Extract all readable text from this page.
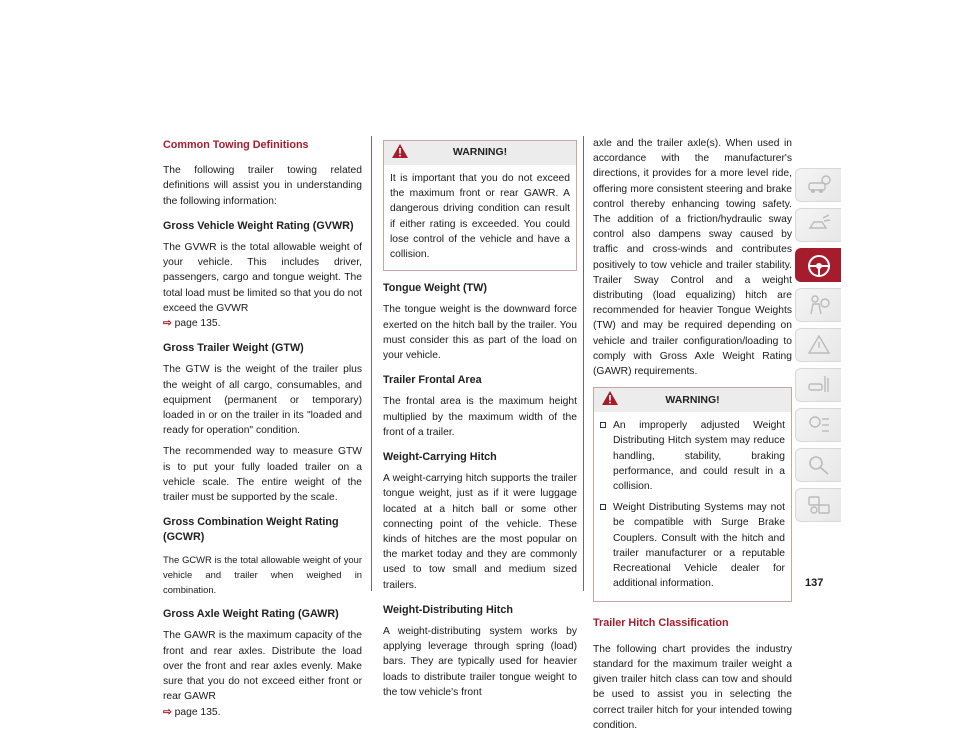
Common Towing Definitions

The following trailer towing related definitions will assist you in understanding the following information:

Gross Vehicle Weight Rating (GVWR)

The GVWR is the total allowable weight of your vehicle. This includes driver, passengers, cargo and tongue weight. The total load must be limited so that you do not exceed the GVWR
⇨ page 135.

Gross Trailer Weight (GTW)

The GTW is the weight of the trailer plus the weight of all cargo, consumables, and equipment (permanent or temporary) loaded in or on the trailer in its "loaded and ready for operation" condition.

The recommended way to measure GTW is to put your fully loaded trailer on a vehicle scale. The entire weight of the trailer must be supported by the scale.

Gross Combination Weight Rating (GCWR)

The GCWR is the total allowable weight of your vehicle and trailer when weighed in combination.

Gross Axle Weight Rating (GAWR)

The GAWR is the maximum capacity of the front and rear axles. Distribute the load over the front and rear axles evenly. Make sure that you do not exceed either front or rear GAWR
⇨ page 135.

WARNING!

It is important that you do not exceed the maximum front or rear GAWR. A dangerous driving condition can result if either rating is exceeded. You could lose control of the vehicle and have a collision.

Tongue Weight (TW)

The tongue weight is the downward force exerted on the hitch ball by the trailer. You must consider this as part of the load on your vehicle.

Trailer Frontal Area

The frontal area is the maximum height multiplied by the maximum width of the front of a trailer.

Weight-Carrying Hitch

A weight-carrying hitch supports the trailer tongue weight, just as if it were luggage located at a hitch ball or some other connecting point of the vehicle. These kinds of hitches are the most popular on the market today and they are commonly used to tow small and medium sized trailers.

Weight-Distributing Hitch

A weight-distributing system works by applying leverage through spring (load) bars. They are typically used for heavier loads to distribute trailer tongue weight to the tow vehicle's front

axle and the trailer axle(s). When used in accordance with the manufacturer's directions, it provides for a more level ride, offering more consistent steering and brake control thereby enhancing towing safety. The addition of a friction/hydraulic sway control also dampens sway caused by traffic and cross-winds and contributes positively to tow vehicle and trailer stability. Trailer Sway Control and a weight distributing (load equalizing) hitch are recommended for heavier Tongue Weights (TW) and may be required depending on vehicle and trailer configuration/loading to comply with Gross Axle Weight Rating (GAWR) requirements.

WARNING!
An improperly adjusted Weight Distributing Hitch system may reduce handling, stability, braking performance, and could result in a collision.
Weight Distributing Systems may not be compatible with Surge Brake Couplers. Consult with the hitch and trailer manufacturer or a reputable Recreational Vehicle dealer for additional information.
Trailer Hitch Classification

The following chart provides the industry standard for the maximum trailer weight a given trailer hitch class can tow and should be used to assist you in selecting the correct trailer hitch for your intended towing condition.

137
